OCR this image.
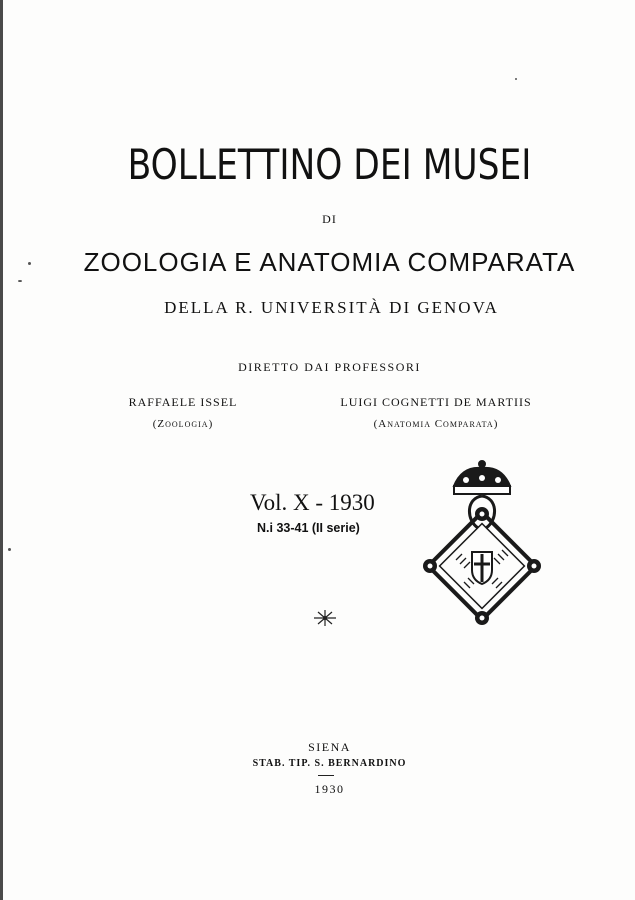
BOLLETTINO DEI MUSEI
DI
ZOOLOGIA E ANATOMIA COMPARATA
DELLA R. UNIVERSITÀ DI GENOVA
DIRETTO DAI PROFESSORI
RAFFAELE ISSEL
(Zoologia)
LUIGI COGNETTI DE MARTIIS
(Anatomia Comparata)
Vol. X - 1930
N.i 33-41 (II serie)
SIENA
STAB. TIP. S. BERNARDINO
1930
